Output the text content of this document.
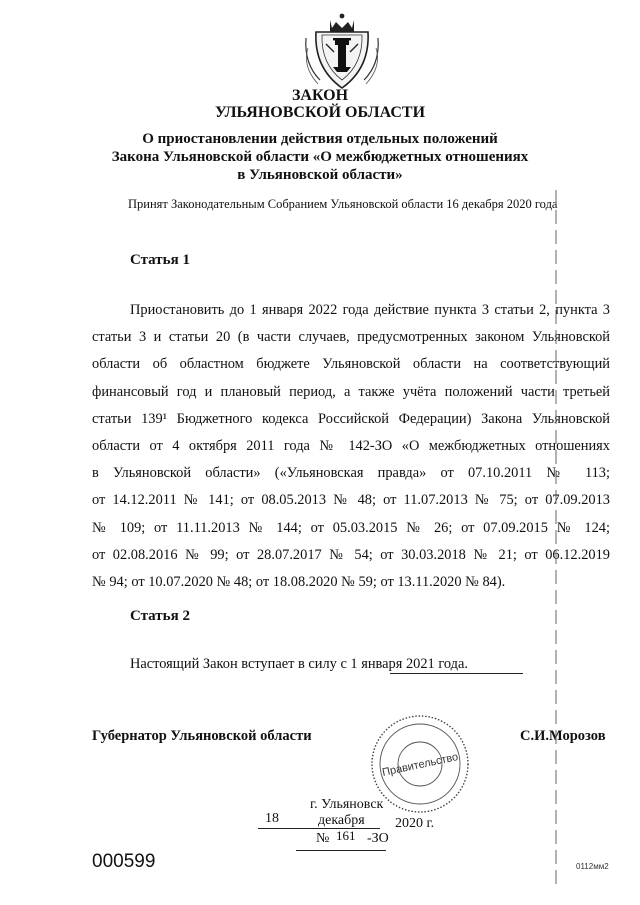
ЗАКОН
УЛЬЯНОВСКОЙ ОБЛАСТИ
О приостановлении действия отдельных положений
Закона Ульяновской области «О межбюджетных отношениях
в Ульяновской области»
Принят Законодательным Собранием Ульяновской области 16 декабря 2020 года
Статья 1
Приостановить до 1 января 2022 года действие пункта 3 статьи 2, пункта 3
статьи 3 и статьи 20 (в части случаев, предусмотренных законом Ульяновской
области об областном бюджете Ульяновской области на соответствующий
финансовый год и плановый период, а также учёта положений части третьей
статьи 139¹ Бюджетного кодекса Российской Федерации) Закона Ульяновской
области от 4 октября 2011 года № 142-ЗО «О межбюджетных отношениях
в Ульяновской области» («Ульяновская правда» от 07.10.2011 № 113;
от 14.12.2011 № 141; от 08.05.2013 № 48; от 11.07.2013 № 75; от 07.09.2013
№ 109; от 11.11.2013 № 144; от 05.03.2015 № 26; от 07.09.2015 № 124;
от 02.08.2016 № 99; от 28.07.2017 № 54; от 30.03.2018 № 21; от 06.12.2019
№ 94; от 10.07.2020 № 48; от 18.08.2020 № 59; от 13.11.2020 № 84).
Статья 2
Настоящий Закон вступает в силу с 1 января 2021 года.
Губернатор Ульяновской области	С.И.Морозов
Правительство
г. Ульяновск
18	декабря 2020 г.
№ 161 -ЗО
000599	0112мм2
